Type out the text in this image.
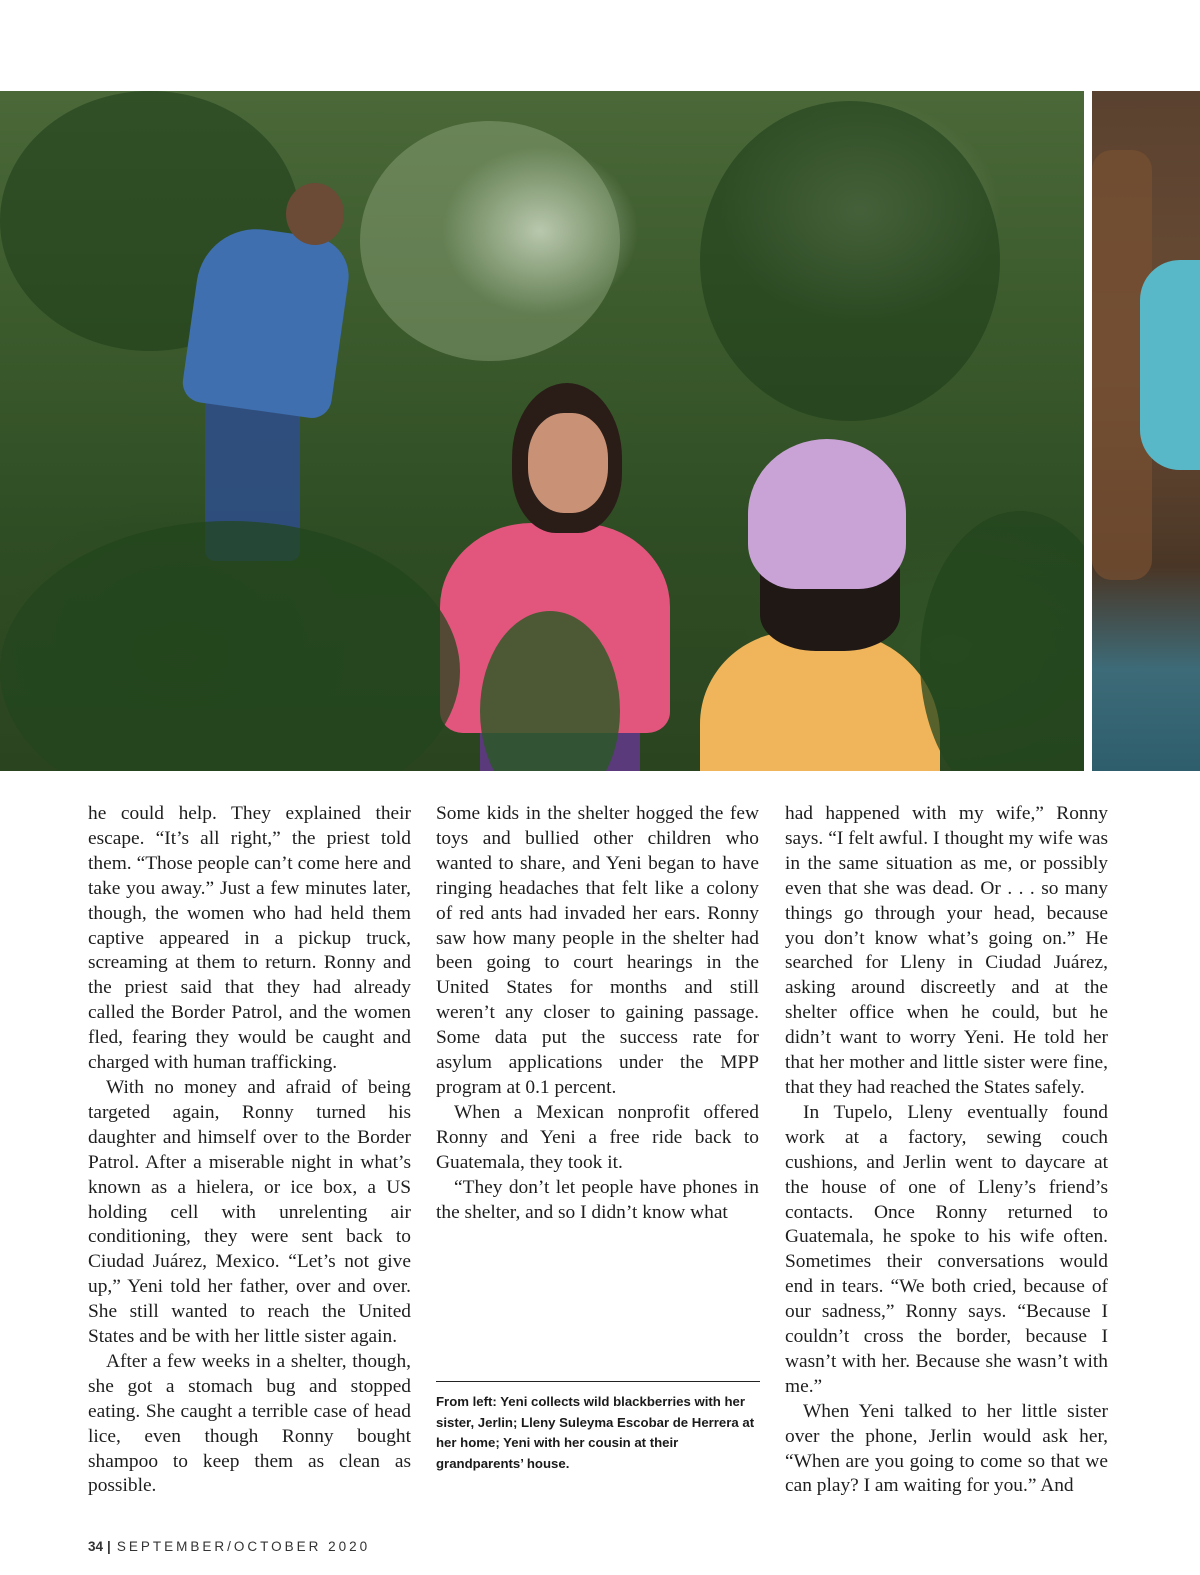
he could help. They explained their escape. “It’s all right,” the priest told them. “Those people can’t come here and take you away.” Just a few minutes later, though, the women who had held them captive appeared in a pickup truck, screaming at them to return. Ronny and the priest said that they had already called the Border Patrol, and the women fled, fearing they would be caught and charged with human trafficking.

With no money and afraid of being targeted again, Ronny turned his daughter and himself over to the Border Patrol. After a miserable night in what’s known as a hielera, or ice box, a US holding cell with unrelenting air conditioning, they were sent back to Ciudad Juárez, Mexico. “Let’s not give up,” Yeni told her father, over and over. She still wanted to reach the United States and be with her little sister again.

After a few weeks in a shelter, though, she got a stomach bug and stopped eating. She caught a terrible case of head lice, even though Ronny bought shampoo to keep them as clean as possible.

Some kids in the shelter hogged the few toys and bullied other children who wanted to share, and Yeni began to have ringing headaches that felt like a colony of red ants had invaded her ears. Ronny saw how many people in the shelter had been going to court hearings in the United States for months and still weren’t any closer to gaining passage. Some data put the success rate for asylum applications under the MPP program at 0.1 percent.

When a Mexican nonprofit offered Ronny and Yeni a free ride back to Guatemala, they took it.

“They don’t let people have phones in the shelter, and so I didn’t know what

had happened with my wife,” Ronny says. “I felt awful. I thought my wife was in the same situation as me, or possibly even that she was dead. Or . . . so many things go through your head, because you don’t know what’s going on.” He searched for Lleny in Ciudad Juárez, asking around discreetly and at the shelter office when he could, but he didn’t want to worry Yeni. He told her that her mother and little sister were fine, that they had reached the States safely.

In Tupelo, Lleny eventually found work at a factory, sewing couch cushions, and Jerlin went to daycare at the house of one of Lleny’s friend’s contacts. Once Ronny returned to Guatemala, he spoke to his wife often. Sometimes their conversations would end in tears. “We both cried, because of our sadness,” Ronny says. “Because I couldn’t cross the border, because I wasn’t with her. Because she wasn’t with me.”

When Yeni talked to her little sister over the phone, Jerlin would ask her, “When are you going to come so that we can play? I am waiting for you.” And

From left: Yeni collects wild blackberries with her sister, Jerlin; Lleny Suleyma Escobar de Herrera at her home; Yeni with her cousin at their grandparents’ house.
34 | SEPTEMBER/OCTOBER 2020
